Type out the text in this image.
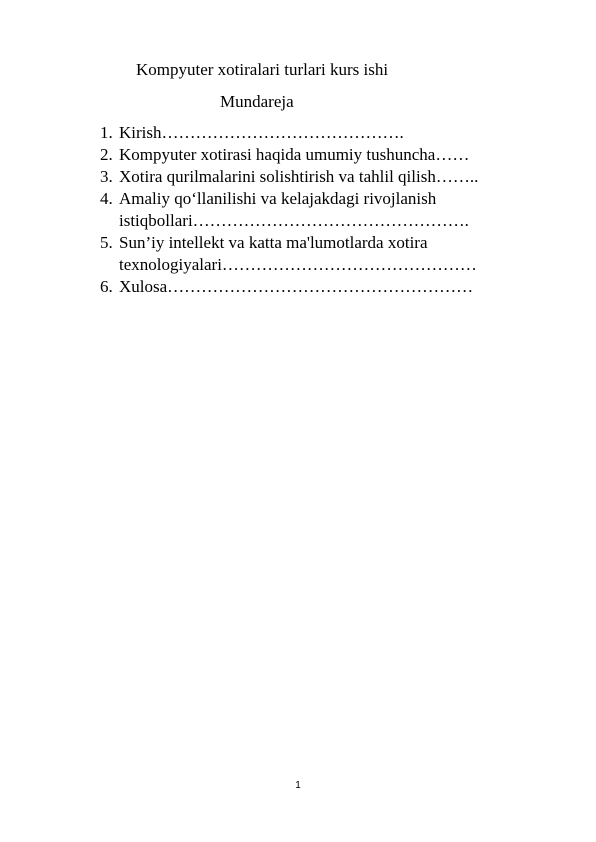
Kompyuter xotiralari turlari kurs ishi
Mundareja
1. Kirish…………………………………….
2. Kompyuter xotirasi haqida umumiy tushuncha……
3. Xotira qurilmalarini solishtirish va tahlil qilish……..
4. Amaliy qo‘llanilishi va kelajakdagi rivojlanish
istiqbollari………………………………………….
5. Sun’iy intellekt va katta ma'lumotlarda xotira
texnologiyalari………………………………………
6. Xulosa………………………………………………
1
